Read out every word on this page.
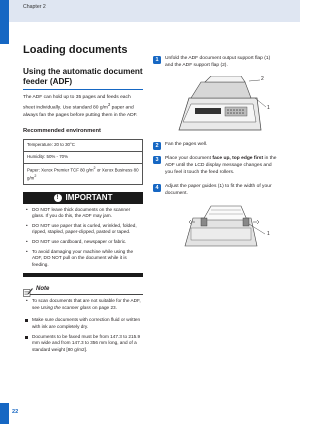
Chapter 2
Loading documents
Using the automatic document feeder (ADF)

The ADF can hold up to 35 pages and feeds each sheet individually. Use standard 80 $g/m^2$ paper and always fan the pages before putting them in the ADF.

Recommended environment
Temperature: 20 to 30°C
Humidity: 50% - 70%
Paper: Xerox Premier TCF 80 $g/m^2$ or Xerox Business 80 $g/m^2$
! IMPORTANT
• DO NOT leave thick documents on the scanner glass. If you do this, the ADF may jam.
• DO NOT use paper that is curled, wrinkled, folded, ripped, stapled, paper-clipped, pasted or taped.
• DO NOT use cardboard, newspaper or fabric.
• To avoid damaging your machine while using the ADF, DO NOT pull on the document while it is feeding.
Note
• To scan documents that are not suitable for the ADF, see Using the scanner glass on page 23.
Make sure documents with correction fluid or written with ink are completely dry.
Documents to be faxed must be from 147.3 to 215.9 mm wide and from 147.3 to 356 mm long, and of a standard weight [80 g/m2].
1	Unfold the ADF document output support flap (1) and the ADF support flap (2).
2
1
2	Fan the pages well.
3	Place your document face up, top edge first in the ADF until the LCD display message changes and you feel it touch the feed rollers.
4	Adjust the paper guides (1) to fit the width of your document.
1
22
